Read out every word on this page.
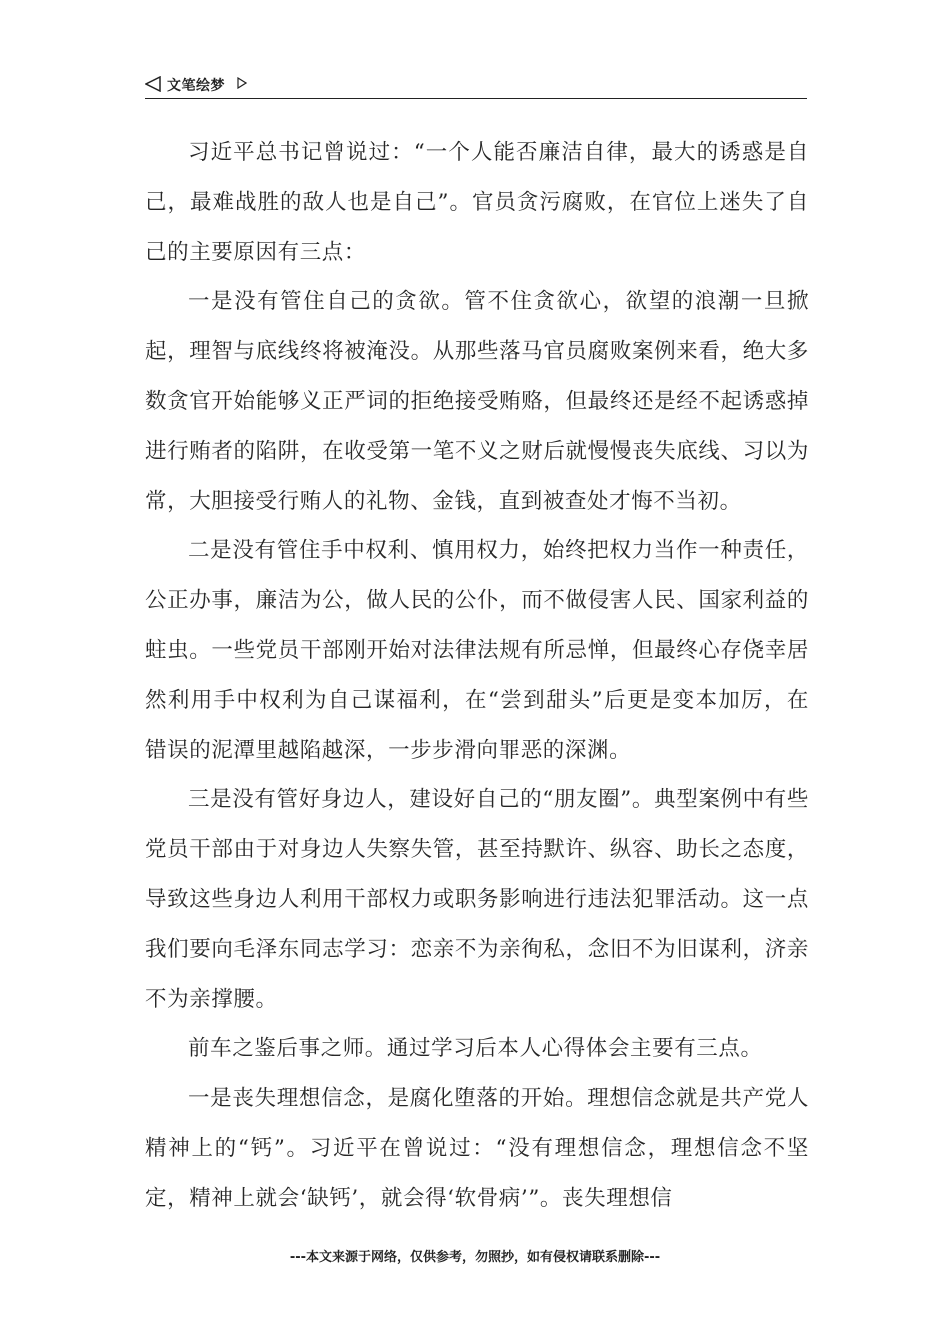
文笔绘梦

习近平总书记曾说过：“一个人能否廉洁自律，最大的诱惑是自己，最难战胜的敌人也是自己”。官员贪污腐败，在官位上迷失了自己的主要原因有三点：

一是没有管住自己的贪欲。管不住贪欲心，欲望的浪潮一旦掀起，理智与底线终将被淹没。从那些落马官员腐败案例来看，绝大多数贪官开始能够义正严词的拒绝接受贿赂，但最终还是经不起诱惑掉进行贿者的陷阱，在收受第一笔不义之财后就慢慢丧失底线、习以为常，大胆接受行贿人的礼物、金钱，直到被查处才悔不当初。

二是没有管住手中权利、慎用权力，始终把权力当作一种责任，公正办事，廉洁为公，做人民的公仆，而不做侵害人民、国家利益的蛀虫。一些党员干部刚开始对法律法规有所忌惮，但最终心存侥幸居然利用手中权利为自己谋福利，在“尝到甜头”后更是变本加厉，在错误的泥潭里越陷越深，一步步滑向罪恶的深渊。

三是没有管好身边人，建设好自己的“朋友圈”。典型案例中有些党员干部由于对身边人失察失管，甚至持默许、纵容、助长之态度，导致这些身边人利用干部权力或职务影响进行违法犯罪活动。这一点我们要向毛泽东同志学习：恋亲不为亲徇私，念旧不为旧谋利，济亲不为亲撑腰。

前车之鉴后事之师。通过学习后本人心得体会主要有三点。

一是丧失理想信念，是腐化堕落的开始。理想信念就是共产党人精神上的“钙”。习近平在曾说过：“没有理想信念，理想信念不坚定，精神上就会‘缺钙’，就会得‘软骨病’”。丧失理想信

---本文来源于网络，仅供参考，勿照抄，如有侵权请联系删除---
